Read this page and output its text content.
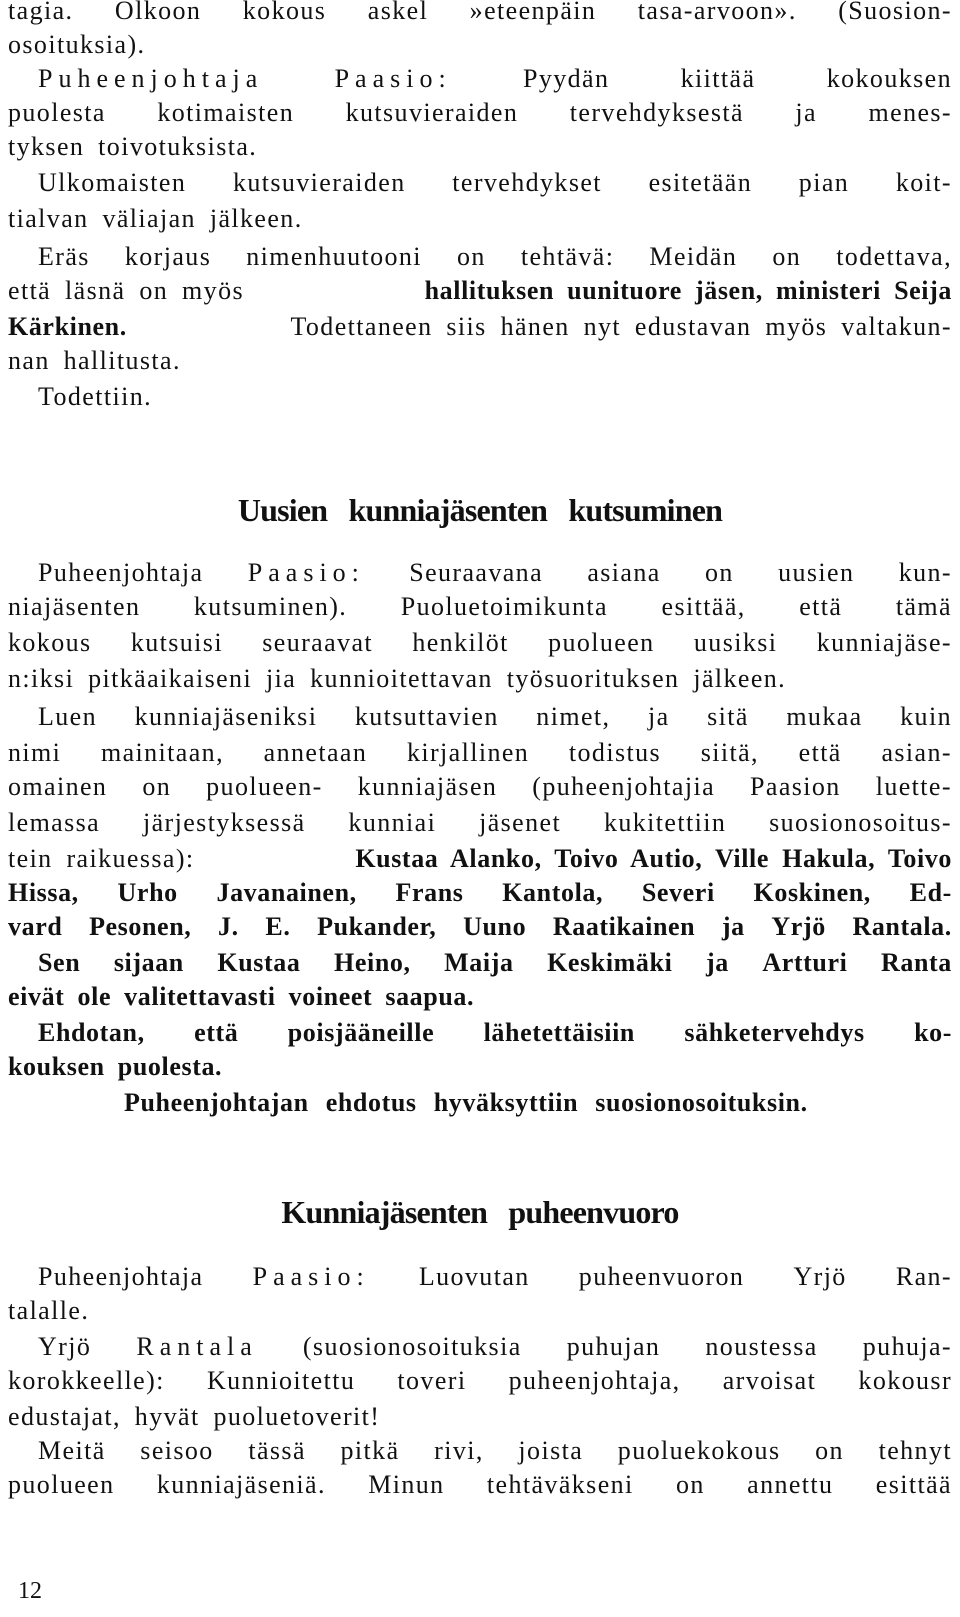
tagia. Olkoon kokous askel »eteenpäin tasa-arvoon». (Suosion-
osoituksia).
Puheenjohtaja	Paasio:	Pyydän	kiittää	kokouksen
puolesta kotimaisten kutsuvieraiden tervehdyksestä ja menes-
tyksen toivotuksista.
Ulkomaisten kutsuvieraiden tervehdykset esitetään pian koit-
tialvan väliajan jälkeen.
Eräs korjaus nimenhuutooni on tehtävä: Meidän on todettava,
että läsnä on myös	hallituksen uunituore jäsen, ministeri Seija
Kärkinen.	Todettaneen siis hänen nyt edustavan myös valtakun-
nan hallitusta.
Todettiin.
Uusien kunniajäsenten kutsuminen
Puheenjohtaja Paasio: Seuraavana asiana on uusien kun-
niajäsenten kutsuminen). Puoluetoimikunta esittää, että tämä
kokous kutsuisi seuraavat henkilöt puolueen uusiksi kunniajäse-
n:iksi pitkäaikaiseni jia kunnioitettavan työsuorituksen jälkeen.
Luen kunniajäseniksi kutsuttavien nimet, ja sitä mukaa kuin
nimi mainitaan, annetaan kirjallinen todistus siitä, että asian-
omainen on puolueen- kunniajäsen (puheenjohtajia Paasion luette-
lemassa järjestyksessä kunniai jäsenet kukitettiin suosionosoitus-
tein raikuessa):	Kustaa Alanko, Toivo Autio, Ville Hakula, Toivo
Hissa, Urho Javanainen, Frans Kantola, Severi Koskinen, Ed-
vard Pesonen, J. E. Pukander, Uuno Raatikainen ja Yrjö Rantala.
Sen sijaan Kustaa Heino, Maija Keskimäki ja Artturi Ranta
eivät ole valitettavasti voineet saapua.
Ehdotan, että poisjääneille lähetettäisiin sähketervehdys ko-
kouksen puolesta.
Puheenjohtajan ehdotus hyväksyttiin suosionosoituksin.
Kunniajäsenten puheenvuoro
Puheenjohtaja Paasio: Luovutan puheenvuoron Yrjö Ran-
talalle.
Yrjö Rantala (suosionosoituksia puhujan noustessa puhuja-
korokkeelle): Kunnioitettu toveri puheenjohtaja, arvoisat kokousr
edustajat, hyvät puoluetoverit!
Meitä seisoo tässä pitkä rivi, joista puoluekokous on tehnyt
puolueen kunniajäseniä. Minun tehtäväkseni on annettu esittää
12
